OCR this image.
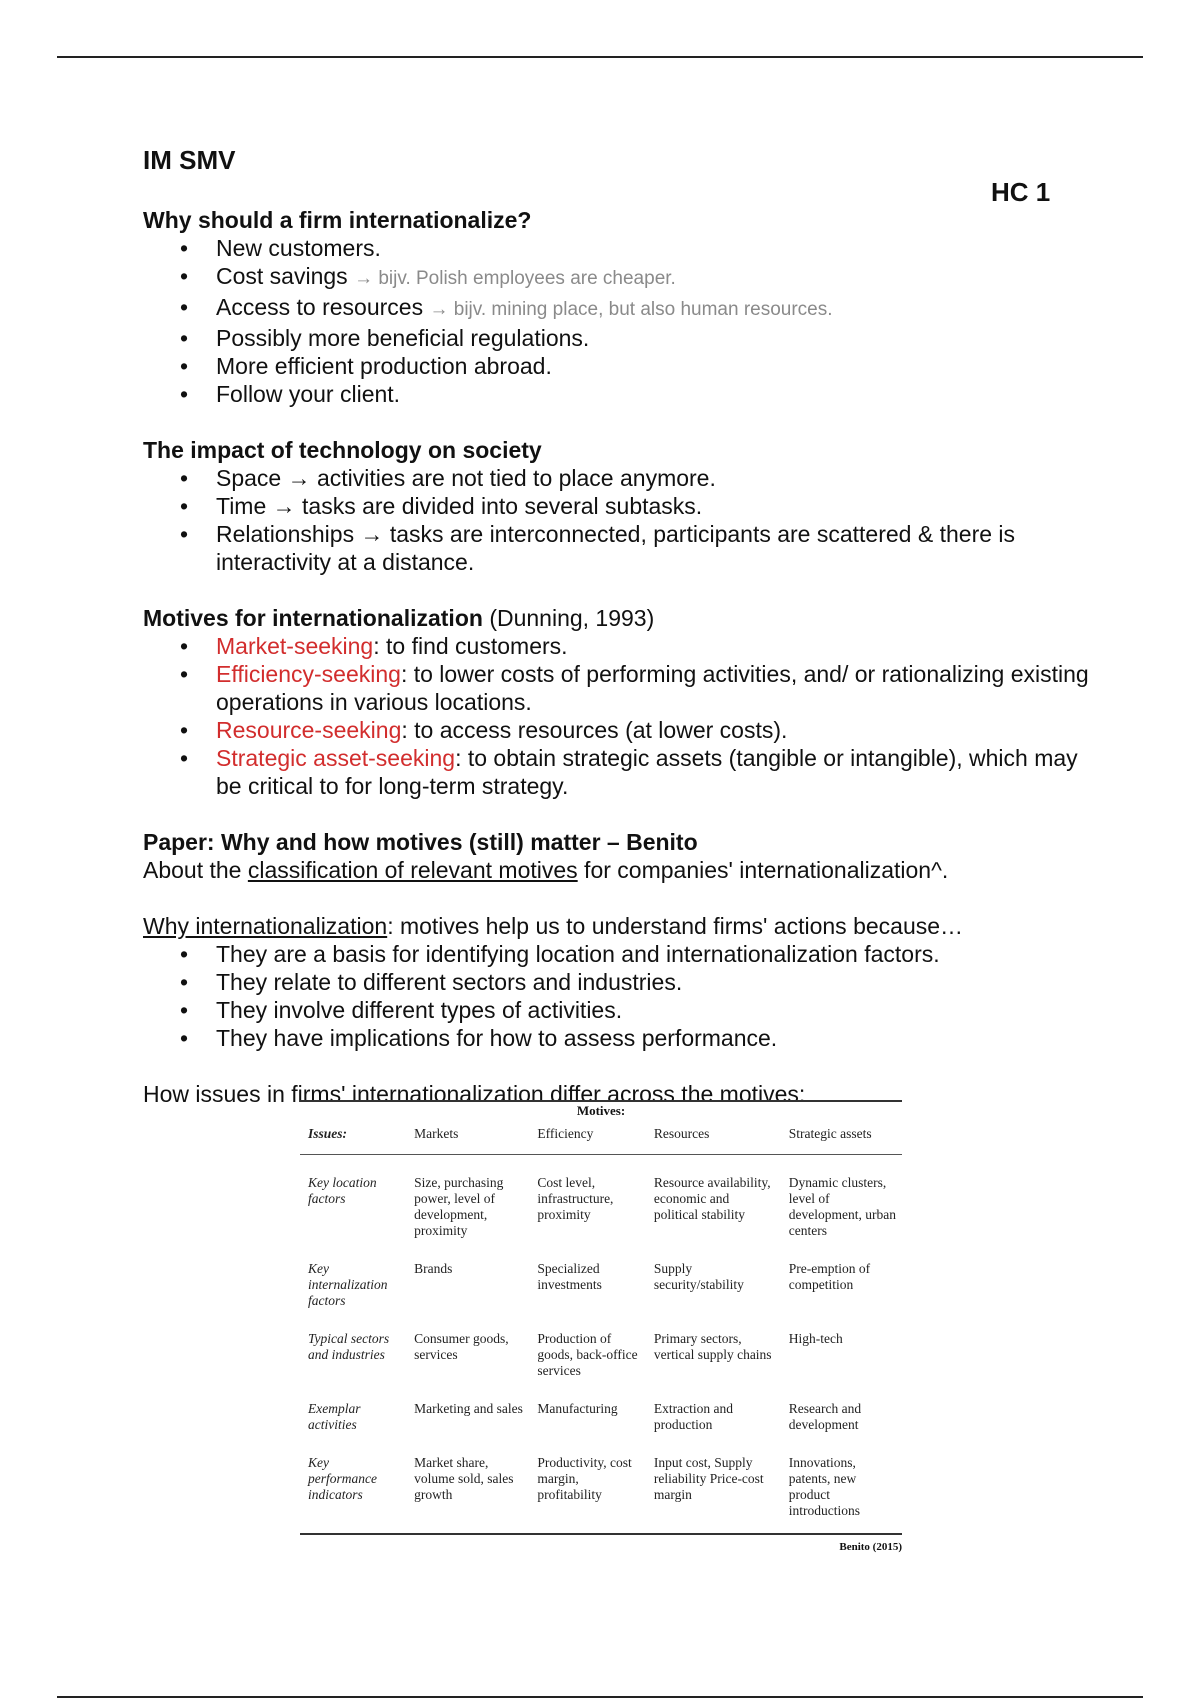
IM SMV
HC 1

Why should a firm internationalize?

• New customers.
• Cost savings → bijv. Polish employees are cheaper.
• Access to resources → bijv. mining place, but also human resources.
• Possibly more beneficial regulations.
• More efficient production abroad.
• Follow your client.

The impact of technology on society

• Space → activities are not tied to place anymore.
• Time → tasks are divided into several subtasks.
• Relationships → tasks are interconnected, participants are scattered & there is interactivity at a distance.

Motives for internationalization (Dunning, 1993)

• Market-seeking: to find customers.
• Efficiency-seeking: to lower costs of performing activities, and/ or rationalizing existing operations in various locations.
• Resource-seeking: to access resources (at lower costs).
• Strategic asset-seeking: to obtain strategic assets (tangible or intangible), which may be critical to for long-term strategy.

Paper: Why and how motives (still) matter – Benito

About the classification of relevant motives for companies' internationalization^.

Why internationalization: motives help us to understand firms' actions because…

• They are a basis for identifying location and internationalization factors.
• They relate to different sectors and industries.
• They involve different types of activities.
• They have implications for how to assess performance.

How issues in firms' internationalization differ across the motives:

Motives:
Issues:	Markets	Efficiency	Resources	Strategic assets
Key location factors	Size, purchasing power, level of development, proximity	Cost level, infrastructure, proximity	Resource availability, economic and political stability	Dynamic clusters, level of development, urban centers
Key internalization factors	Brands	Specialized investments	Supply security/stability	Pre-emption of competition
Typical sectors and industries	Consumer goods, services	Production of goods, back-office services	Primary sectors, vertical supply chains	High-tech
Exemplar activities	Marketing and sales	Manufacturing	Extraction and production	Research and development
Key performance indicators	Market share, volume sold, sales growth	Productivity, cost margin, profitability	Input cost, Supply reliability Price-cost margin	Innovations, patents, new product introductions
Benito (2015)
